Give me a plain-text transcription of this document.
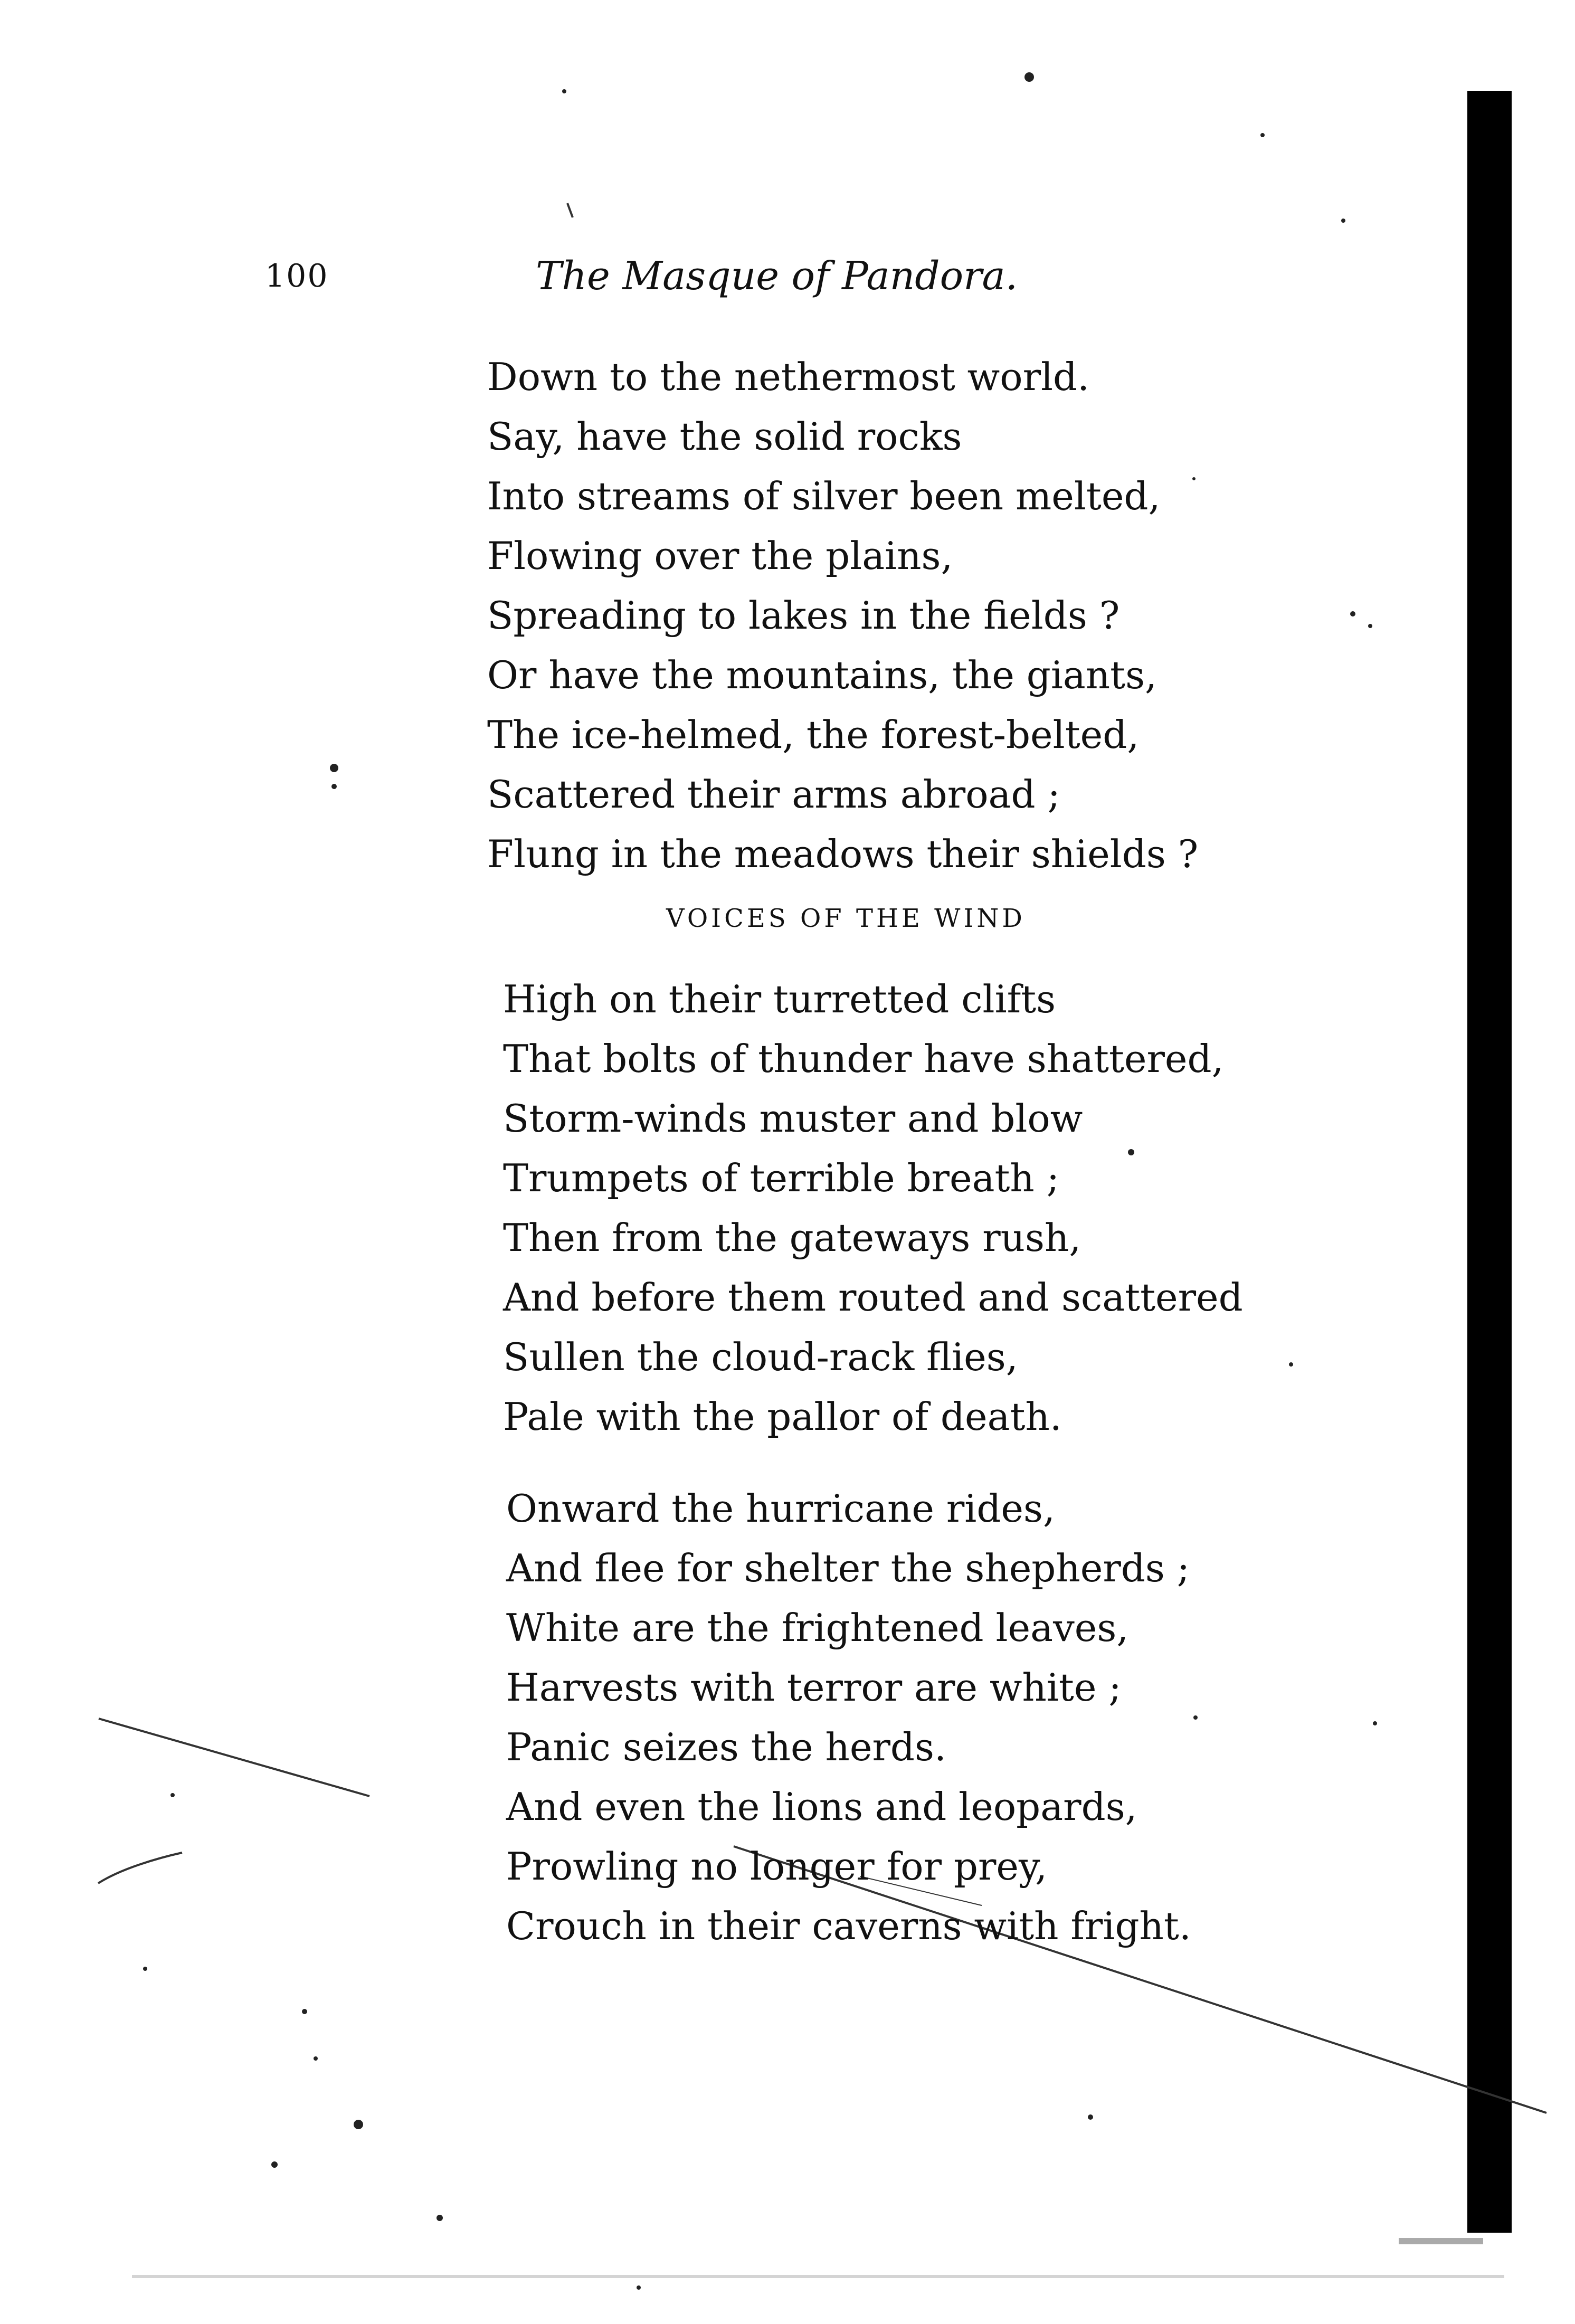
100	The Masque of Pandora.
Down to the nethermost world.
Say, have the solid rocks
Into streams of silver been melted,
Flowing over the plains,
Spreading to lakes in the fields ?
Or have the mountains, the giants,
The ice-helmed, the forest-belted,
Scattered their arms abroad ;
Flung in the meadows their shields ?
VOICES OF THE WIND
High on their turretted clifts
That bolts of thunder have shattered,
Storm-winds muster and blow
Trumpets of terrible breath ;
Then from the gateways rush,
And before them routed and scattered
Sullen the cloud-rack flies,
Pale with the pallor of death.
Onward the hurricane rides,
And flee for shelter the shepherds ;
White are the frightened leaves,
Harvests with terror are white ;
Panic seizes the herds.
And even the lions and leopards,
Prowling no longer for prey,
Crouch in their caverns with fright.
